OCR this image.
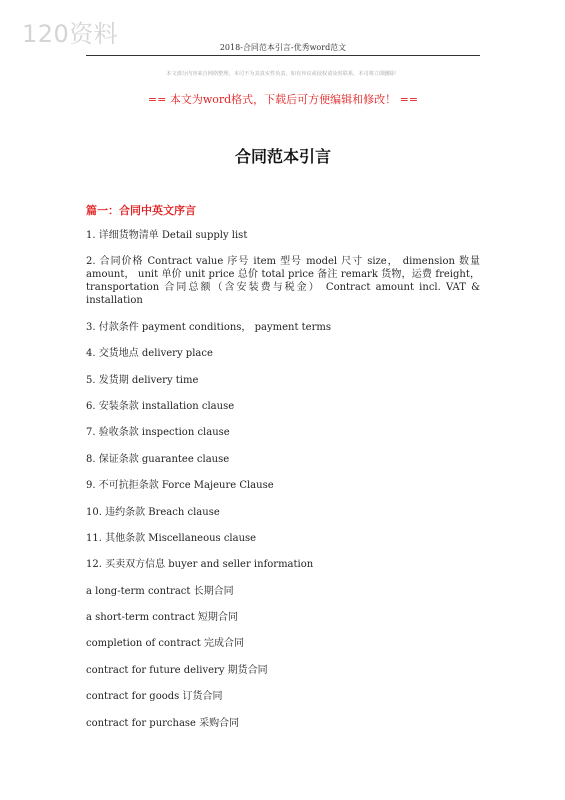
120资料	2018-合同范本引言-优秀word范文
本文部分内容来自网络整理，本司不为其真实性负责，如有异议或侵权请及时联系，本司将立即删除！
== 本文为word格式，下载后可方便编辑和修改！ ==
合同范本引言
篇一：合同中英文序言
1. 详细货物清单 Detail supply list
2. 合同价格 Contract value 序号 item 型号 model 尺寸 size， dimension 数量 amount， unit 单价 unit price 总价 total price 备注 remark 货物，运费 freight， transportation 合同总额（含安装费与税金） Contract amount incl. VAT & installation
3. 付款条件 payment conditions， payment terms
4. 交货地点 delivery place
5. 发货期 delivery time
6. 安装条款 installation clause
7. 验收条款 inspection clause
8. 保证条款 guarantee clause
9. 不可抗拒条款 Force Majeure Clause
10. 违约条款 Breach clause
11. 其他条款 Miscellaneous clause
12. 买卖双方信息 buyer and seller information
a long-term contract 长期合同
a short-term contract 短期合同
completion of contract 完成合同
contract for future delivery 期货合同
contract for goods 订货合同
contract for purchase 采购合同
